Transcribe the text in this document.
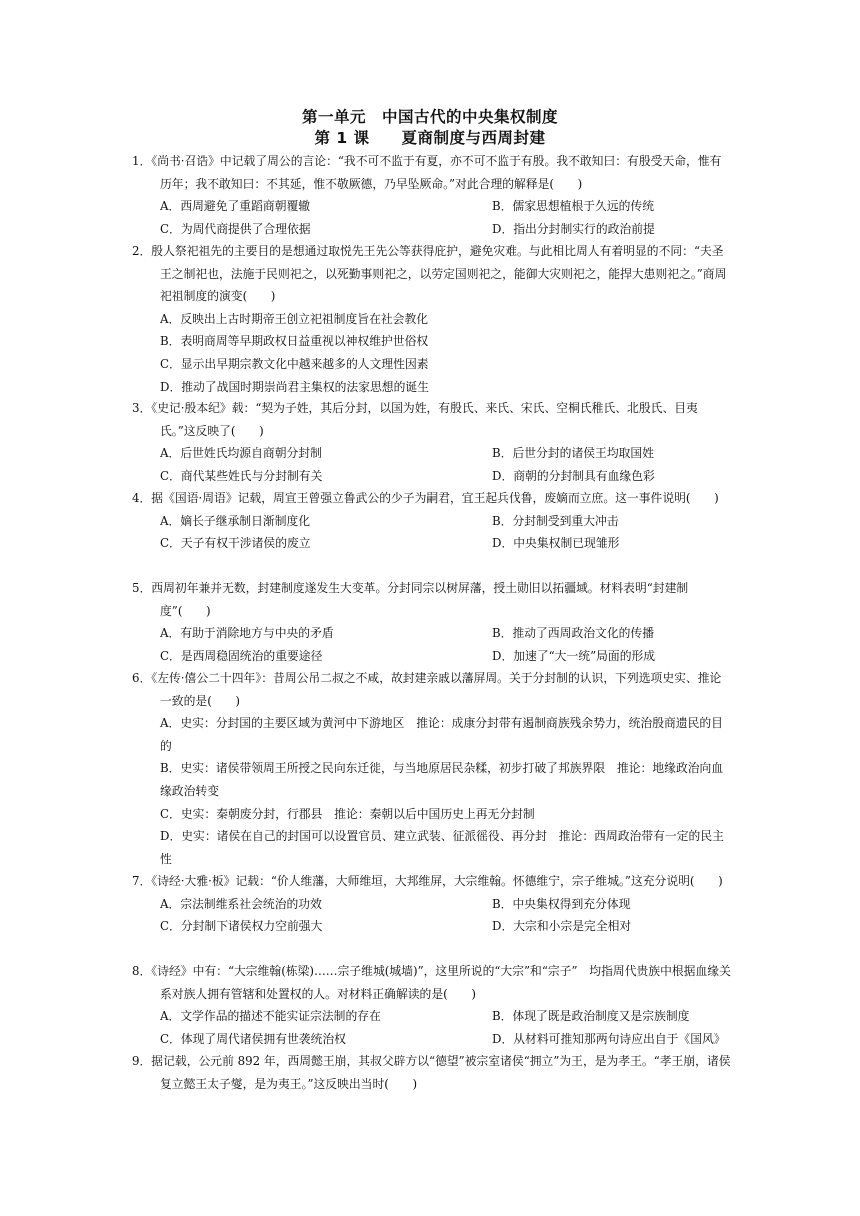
第一单元　中国古代的中央集权制度
第 1 课　　夏商制度与西周封建

1．《尚书·召诰》中记载了周公的言论：“我不可不监于有夏，亦不可不监于有殷。我不敢知曰：有殷受天命，惟有历年；我不敢知曰：不其延，惟不敬厥德，乃早坠厥命。”对此合理的解释是(　　)

A．西周避免了重蹈商朝覆辙	B．儒家思想植根于久远的传统
C．为周代商提供了合理依据	D．指出分封制实行的政治前提

2．殷人祭祀祖先的主要目的是想通过取悦先王先公等获得庇护，避免灾难。与此相比周人有着明显的不同：“夫圣王之制祀也，法施于民则祀之，以死勤事则祀之，以劳定国则祀之，能御大灾则祀之，能捍大患则祀之。”商周祀祖制度的演变(　　)

A．反映出上古时期帝王创立祀祖制度旨在社会教化
B．表明商周等早期政权日益重视以神权维护世俗权
C．显示出早期宗教文化中越来越多的人文理性因素
D．推动了战国时期崇尚君主集权的法家思想的诞生

3．《史记·殷本纪》载：“契为子姓，其后分封，以国为姓，有殷氏、来氏、宋氏、空桐氏稚氏、北殷氏、目夷氏。”这反映了(　　)

A．后世姓氏均源自商朝分封制	B．后世分封的诸侯王均取国姓
C．商代某些姓氏与分封制有关	D．商朝的分封制具有血缘色彩

4．据《国语·周语》记载，周宣王曾强立鲁武公的少子为嗣君，宜王起兵伐鲁，废嫡而立庶。这一事件说明(　　)

A．嫡长子继承制日渐制度化	B．分封制受到重大冲击
C．天子有权干涉诸侯的废立	D．中央集权制已现雏形

5．西周初年兼并无数，封建制度遂发生大变革。分封同宗以树屏藩，授土勋旧以拓疆域。材料表明“封建制度”(　　)

A．有助于消除地方与中央的矛盾	B．推动了西周政治文化的传播
C．是西周稳固统治的重要途径	D．加速了“大一统”局面的形成

6．《左传·僖公二十四年》：昔周公吊二叔之不咸，故封建亲戚以藩屏周。关于分封制的认识，下列选项史实、推论一致的是(　　)

A．史实：分封国的主要区域为黄河中下游地区　推论：成康分封带有遏制商族残余势力，统治殷商遗民的目的

B．史实：诸侯带领周王所授之民向东迁徙，与当地原居民杂糅，初步打破了邦族界限　推论：地缘政治向血缘政治转变

C．史实：秦朝废分封，行郡县　推论：秦朝以后中国历史上再无分封制

D．史实：诸侯在自己的封国可以设置官员、建立武装、征派徭役、再分封　推论：西周政治带有一定的民主性

7．《诗经·大雅·板》记载：“价人维藩，大师维垣，大邦维屏，大宗维翰。怀德维宁，宗子维城。”这充分说明(　　)

A．宗法制维系社会统治的功效	B．中央集权得到充分体现
C．分封制下诸侯权力空前强大	D．大宗和小宗是完全相对

8．《诗经》中有：“大宗维翰(栋梁)……宗子维城(城墙)”，这里所说的“大宗”和“宗子”　均指周代贵族中根据血缘关系对族人拥有管辖和处置权的人。对材料正确解读的是(　　)

A．文学作品的描述不能实证宗法制的存在	B．体现了既是政治制度又是宗族制度
C．体现了周代诸侯拥有世袭统治权	D．从材料可推知那两句诗应出自于《国风》

9．据记载，公元前 892 年，西周懿王崩，其叔父辟方以“德望”被宗室诸侯“拥立”为王，是为孝王。“孝王崩，诸侯复立懿王太子燮，是为夷王。”这反映出当时(　　)
